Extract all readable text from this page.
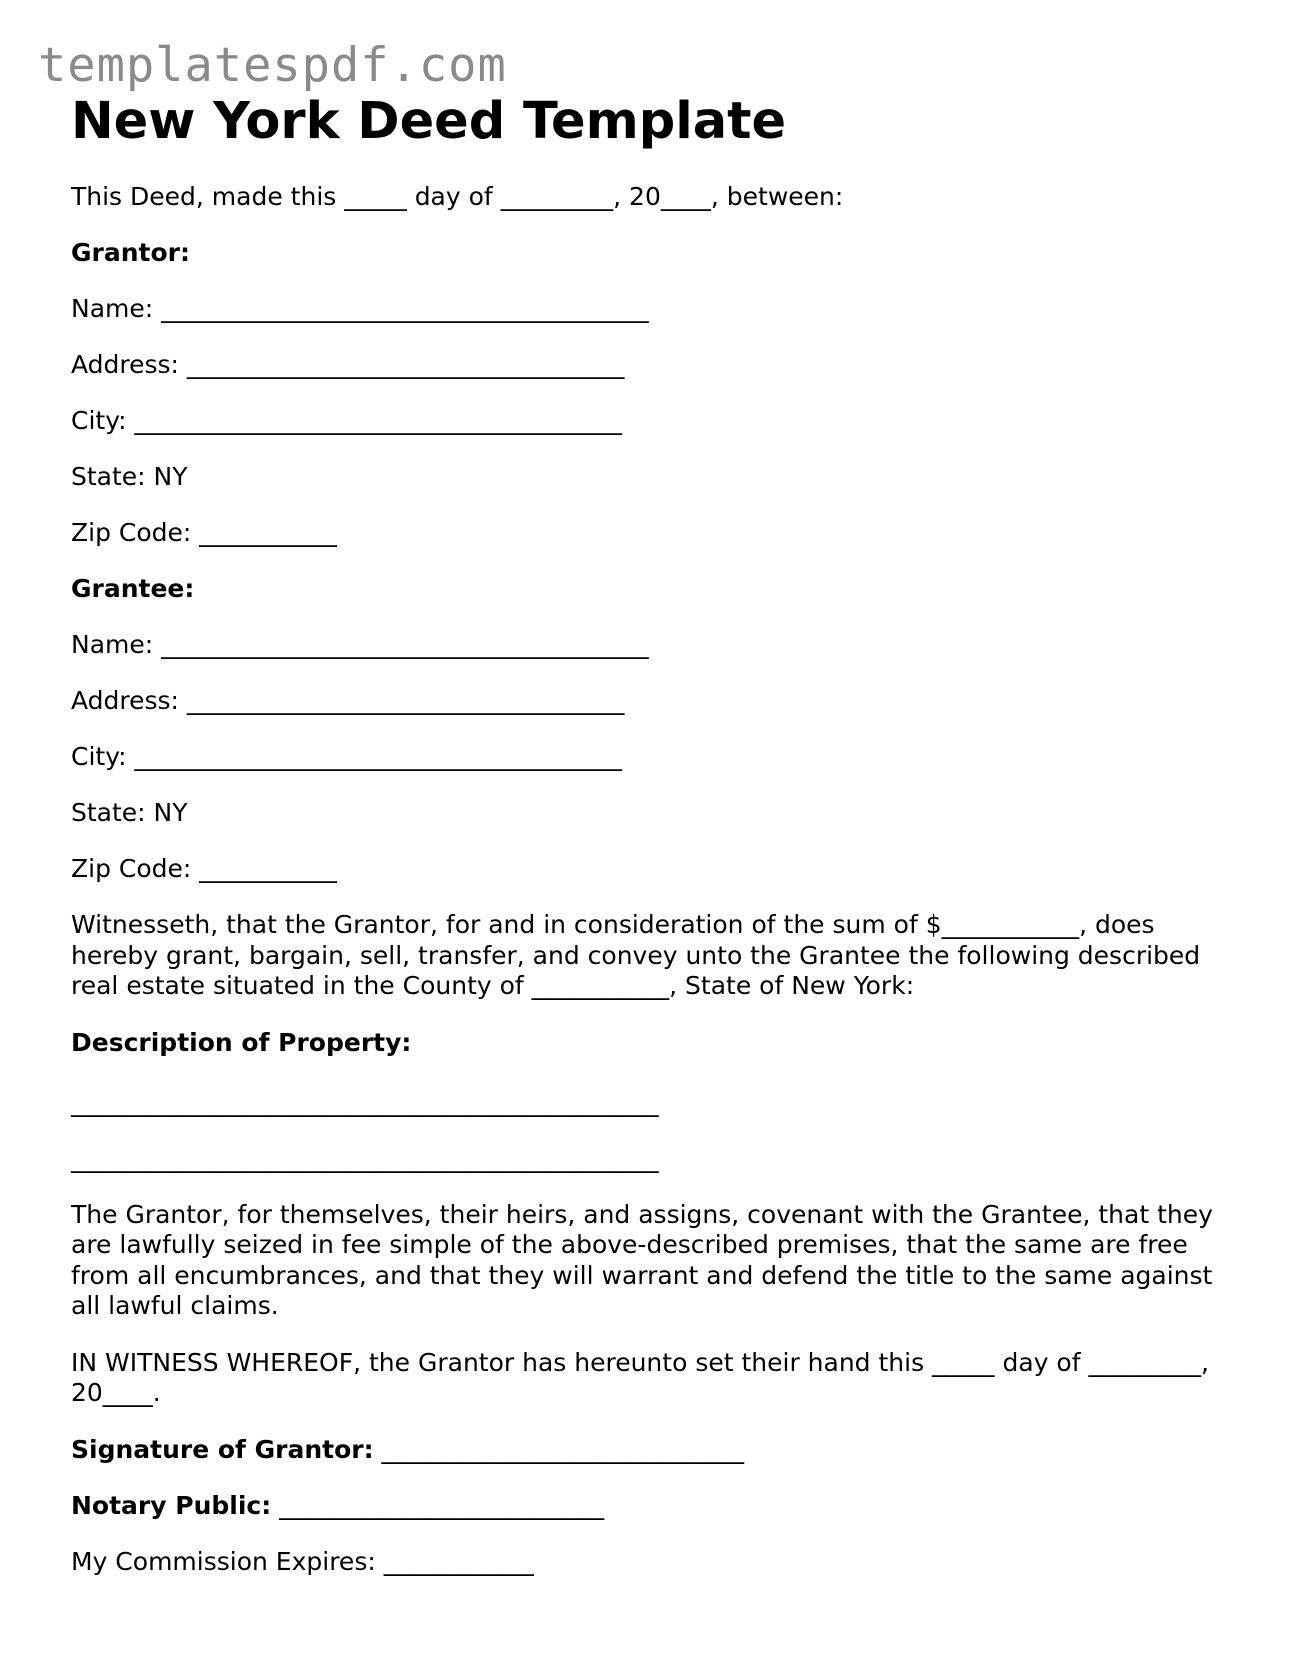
templatespdf.com
New York Deed Template
This Deed, made this _____ day of _________, 20____, between:
Grantor:
Name: _______________________________________
Address: ___________________________________
City: _______________________________________
State: NY
Zip Code: ___________
Grantee:
Name: _______________________________________
Address: ___________________________________
City: _______________________________________
State: NY
Zip Code: ___________
Witnesseth, that the Grantor, for and in consideration of the sum of $___________, does hereby grant, bargain, sell, transfer, and convey unto the Grantee the following described real estate situated in the County of ___________, State of New York:
Description of Property:
_______________________________________________
_______________________________________________
The Grantor, for themselves, their heirs, and assigns, covenant with the Grantee, that they are lawfully seized in fee simple of the above-described premises, that the same are free from all encumbrances, and that they will warrant and defend the title to the same against all lawful claims.
IN WITNESS WHEREOF, the Grantor has hereunto set their hand this _____ day of _________, 20____.
Signature of Grantor: _____________________________
Notary Public: __________________________
My Commission Expires: ____________
